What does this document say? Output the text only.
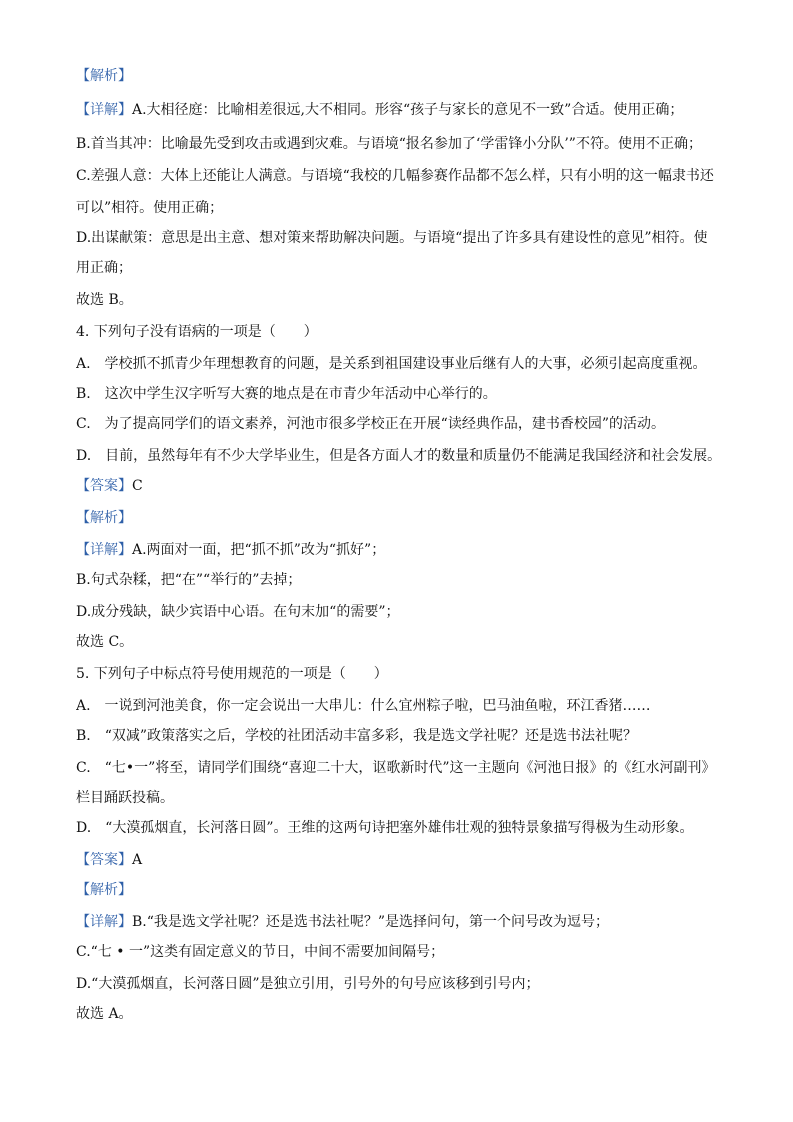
【解析】
【详解】A.大相径庭：比喻相差很远,大不相同。形容“孩子与家长的意见不一致”合适。使用正确；
B.首当其冲：比喻最先受到攻击或遇到灾难。与语境“报名参加了‘学雷锋小分队’”不符。使用不正确；
C.差强人意：大体上还能让人满意。与语境“我校的几幅参赛作品都不怎么样，只有小明的这一幅隶书还
可以”相符。使用正确；
D.出谋献策：意思是出主意、想对策来帮助解决问题。与语境“提出了许多具有建设性的意见”相符。使
用正确；
故选 B。
4. 下列句子没有语病的一项是（　　）
A.　学校抓不抓青少年理想教育的问题，是关系到祖国建设事业后继有人的大事，必须引起高度重视。
B.　这次中学生汉字听写大赛的地点是在市青少年活动中心举行的。
C.　为了提高同学们的语文素养，河池市很多学校正在开展“读经典作品，建书香校园”的活动。
D.　目前，虽然每年有不少大学毕业生，但是各方面人才的数量和质量仍不能满足我国经济和社会发展。
【答案】C
【解析】
【详解】A.两面对一面，把“抓不抓”改为“抓好”；
B.句式杂糅，把“在”“举行的”去掉；
D.成分残缺，缺少宾语中心语。在句末加“的需要”；
故选 C。
5. 下列句子中标点符号使用规范的一项是（　　）
A.　一说到河池美食，你一定会说出一大串儿：什么宜州粽子啦，巴马油鱼啦，环江香猪……
B.　“双减”政策落实之后，学校的社团活动丰富多彩，我是选文学社呢？还是选书法社呢？
C.　“七•一”将至，请同学们围绕“喜迎二十大，讴歌新时代”这一主题向《河池日报》的《红水河副刊》
栏目踊跃投稿。
D.　“大漠孤烟直，长河落日圆”。王维的这两句诗把塞外雄伟壮观的独特景象描写得极为生动形象。
【答案】A
【解析】
【详解】B.“我是选文学社呢？还是选书法社呢？”是选择问句，第一个问号改为逗号；
C.“七 • 一”这类有固定意义的节日，中间不需要加间隔号；
D.“大漠孤烟直，长河落日圆”是独立引用，引号外的句号应该移到引号内；
故选 A。
